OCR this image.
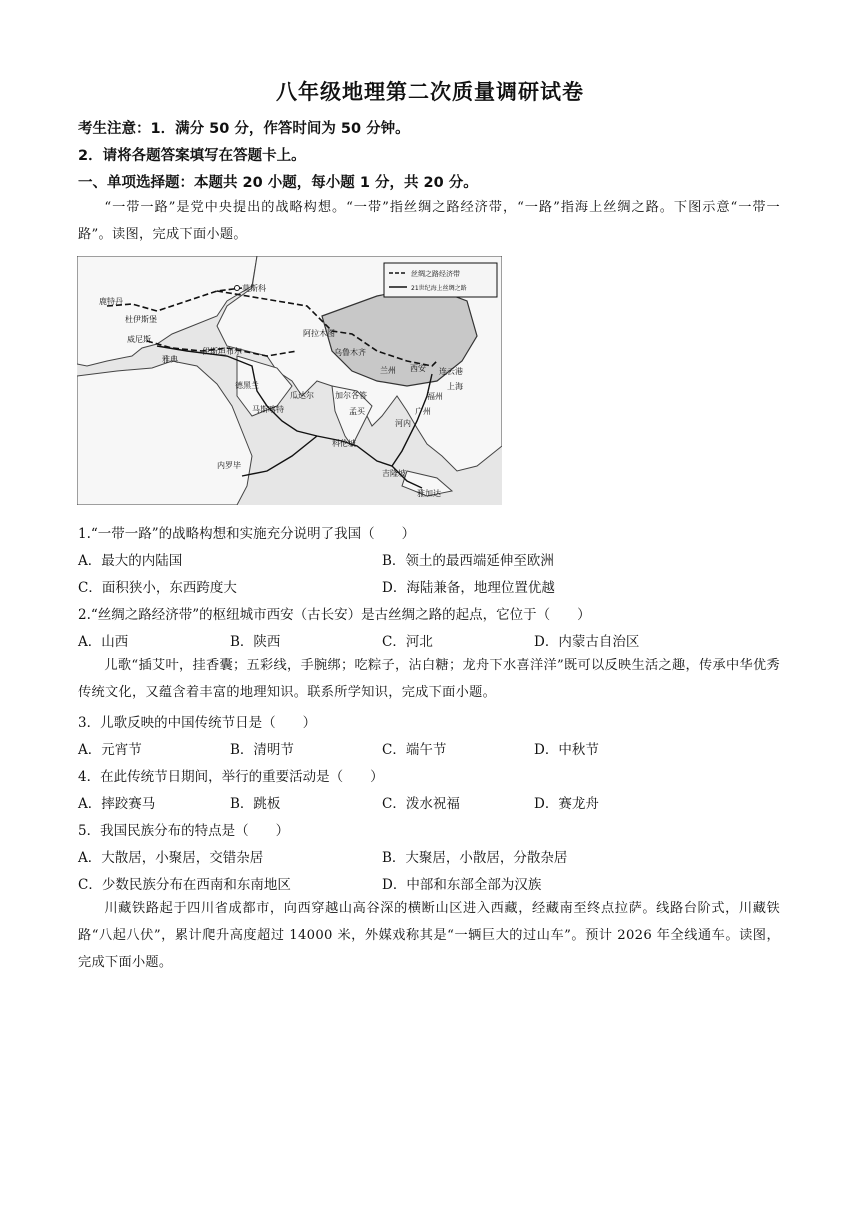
八年级地理第二次质量调研试卷
考生注意：1．满分 50 分，作答时间为 50 分钟。
2．请将各题答案填写在答题卡上。
一、单项选择题：本题共 20 小题，每小题 1 分，共 20 分。
“一带一路”是党中央提出的战略构想。“一带”指丝绸之路经济带，“一路”指海上丝绸之路。下图示意“一带一路”。读图，完成下面小题。
丝绸之路经济带
21世纪海上丝绸之路
莫斯科
鹿特丹
杜伊斯堡
威尼斯
雅典
伊斯坦布尔
德黑兰
阿拉木图
乌鲁木齐
兰州 西安 连云港
上海
福州
广州
河内
瓜达尔
马斯喀特
加尔各答
孟买
科伦坡
吉隆坡
雅加达
内罗毕
1.“一带一路”的战略构想和实施充分说明了我国（　　）
A．最大的内陆国	B．领土的最西端延伸至欧洲
C．面积狭小，东西跨度大	D．海陆兼备，地理位置优越
2.“丝绸之路经济带”的枢纽城市西安（古长安）是古丝绸之路的起点，它位于（　　）
A．山西	B．陕西	C．河北	D．内蒙古自治区
儿歌“插艾叶，挂香囊；五彩线，手腕绑；吃粽子，沾白糖；龙舟下水喜洋洋”既可以反映生活之趣，传承中华优秀传统文化，又蕴含着丰富的地理知识。联系所学知识，完成下面小题。
3．儿歌反映的中国传统节日是（　　）
A．元宵节	B．清明节	C．端午节	D．中秋节
4．在此传统节日期间，举行的重要活动是（　　）
A．摔跤赛马	B．跳板	C．泼水祝福	D．赛龙舟
5．我国民族分布的特点是（　　）
A．大散居，小聚居，交错杂居	B．大聚居，小散居，分散杂居
C．少数民族分布在西南和东南地区	D．中部和东部全部为汉族
川藏铁路起于四川省成都市，向西穿越山高谷深的横断山区进入西藏，经藏南至终点拉萨。线路台阶式，川藏铁路“八起八伏”，累计爬升高度超过 14000 米，外媒戏称其是“一辆巨大的过山车”。预计 2026 年全线通车。读图，完成下面小题。
